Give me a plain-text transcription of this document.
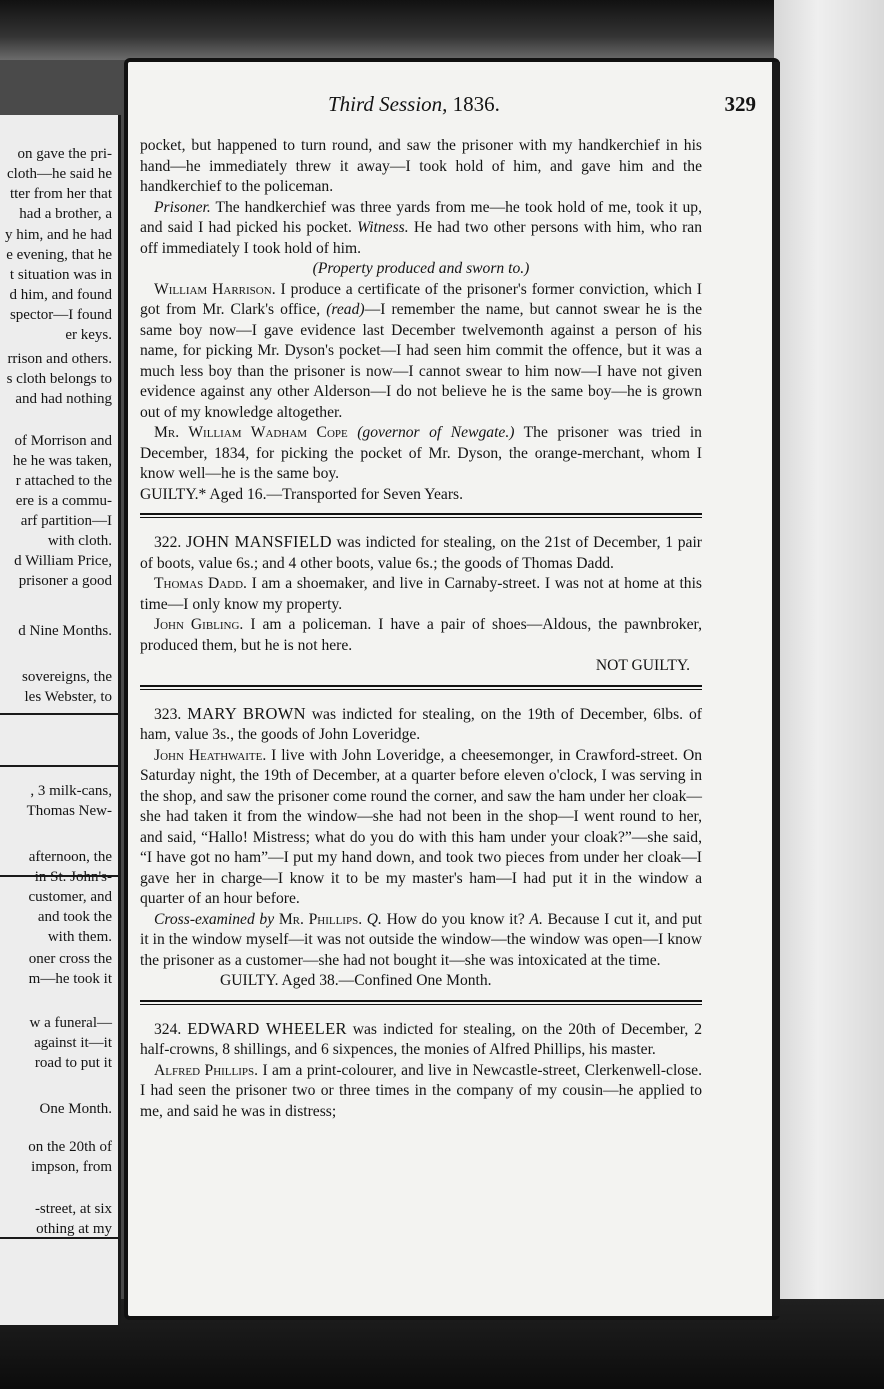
on gave the pri-
cloth—he said he
tter from her that
had a brother, a
y him, and he had
e evening, that he
t situation was in
d him, and found
spector—I found
er keys.
rrison and others.
s cloth belongs to
and had nothing
of Morrison and
he he was taken,
r attached to the
ere is a commu-
arf partition—I
with cloth.
d William Price,
prisoner a good
d Nine Months.
sovereigns, the
les Webster, to
, 3 milk-cans,
Thomas New-
afternoon, the
in St. John's-
customer, and
and took the
with them.
oner cross the
m—he took it
w a funeral—
against it—it
road to put it
One Month.
on the 20th of
impson, from
-street, at six
othing at my
Third Session, 1836.	329

pocket, but happened to turn round, and saw the prisoner with my handkerchief in his hand—he immediately threw it away—I took hold of him, and gave him and the handkerchief to the policeman.

Prisoner. The handkerchief was three yards from me—he took hold of me, took it up, and said I had picked his pocket. Witness. He had two other persons with him, who ran off immediately I took hold of him.

(Property produced and sworn to.)

William Harrison. I produce a certificate of the prisoner's former conviction, which I got from Mr. Clark's office, (read)—I remember the name, but cannot swear he is the same boy now—I gave evidence last December twelvemonth against a person of his name, for picking Mr. Dyson's pocket—I had seen him commit the offence, but it was a much less boy than the prisoner is now—I cannot swear to him now—I have not given evidence against any other Alderson—I do not believe he is the same boy—he is grown out of my knowledge altogether.

Mr. William Wadham Cope (governor of Newgate.) The prisoner was tried in December, 1834, for picking the pocket of Mr. Dyson, the orange-merchant, whom I know well—he is the same boy.

GUILTY.* Aged 16.—Transported for Seven Years.

322. JOHN MANSFIELD was indicted for stealing, on the 21st of December, 1 pair of boots, value 6s.; and 4 other boots, value 6s.; the goods of Thomas Dadd.

Thomas Dadd. I am a shoemaker, and live in Carnaby-street. I was not at home at this time—I only know my property.

John Gibling. I am a policeman. I have a pair of shoes—Aldous, the pawnbroker, produced them, but he is not here.

NOT GUILTY.

323. MARY BROWN was indicted for stealing, on the 19th of December, 6lbs. of ham, value 3s., the goods of John Loveridge.

John Heathwaite. I live with John Loveridge, a cheesemonger, in Crawford-street. On Saturday night, the 19th of December, at a quarter before eleven o'clock, I was serving in the shop, and saw the prisoner come round the corner, and saw the ham under her cloak—she had taken it from the window—she had not been in the shop—I went round to her, and said, “Hallo! Mistress; what do you do with this ham under your cloak?”—she said, “I have got no ham”—I put my hand down, and took two pieces from under her cloak—I gave her in charge—I know it to be my master's ham—I had put it in the window a quarter of an hour before.

Cross-examined by Mr. Phillips. Q. How do you know it? A. Because I cut it, and put it in the window myself—it was not outside the window—the window was open—I know the prisoner as a customer—she had not bought it—she was intoxicated at the time.

GUILTY. Aged 38.—Confined One Month.

324. EDWARD WHEELER was indicted for stealing, on the 20th of December, 2 half-crowns, 8 shillings, and 6 sixpences, the monies of Alfred Phillips, his master.

Alfred Phillips. I am a print-colourer, and live in Newcastle-street, Clerkenwell-close. I had seen the prisoner two or three times in the company of my cousin—he applied to me, and said he was in distress;
